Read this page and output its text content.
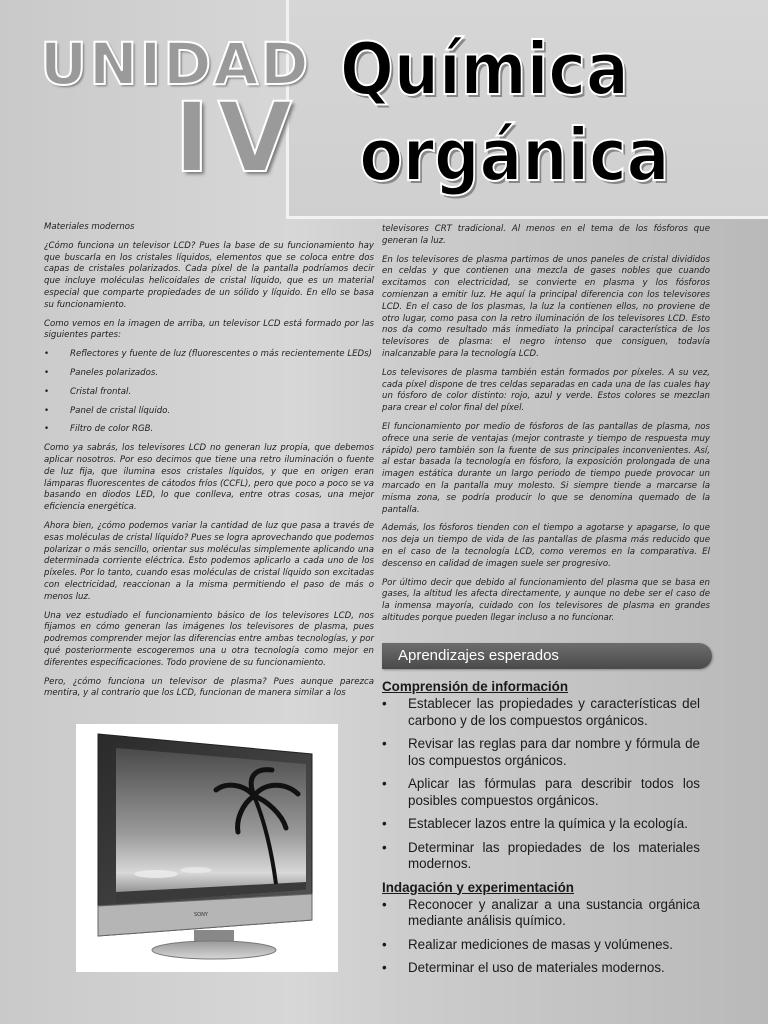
UNIDAD
IV
Química
orgánica

Materiales modernos

¿Cómo funciona un televisor LCD? Pues la base de su funcionamiento hay que buscarla en los cristales líquidos, elementos que se coloca entre dos capas de cristales polarizados. Cada píxel de la pantalla podríamos decir que incluye moléculas helicoidales de cristal líquido, que es un material especial que comparte propiedades de un sólido y líquido. En ello se basa su funcionamiento.

Como vemos en la imagen de arriba, un televisor LCD está formado por las siguientes partes:

•	Reflectores y fuente de luz (fluorescentes o más recientemente LEDs)
•	Paneles polarizados.
•	Cristal frontal.
•	Panel de cristal líquido.
•	Filtro de color RGB.

Como ya sabrás, los televisores LCD no generan luz propia, que debemos aplicar nosotros. Por eso decimos que tiene una retro iluminación o fuente de luz fija, que ilumina esos cristales líquidos, y que en origen eran lámparas fluorescentes de cátodos fríos (CCFL), pero que poco a poco se va basando en diodos LED, lo que conlleva, entre otras cosas, una mejor eficiencia energética.

Ahora bien, ¿cómo podemos variar la cantidad de luz que pasa a través de esas moléculas de cristal líquido? Pues se logra aprovechando que podemos polarizar o más sencillo, orientar sus moléculas simplemente aplicando una determinada corriente eléctrica. Esto podemos aplicarlo a cada uno de los píxeles. Por lo tanto, cuando esas moléculas de cristal líquido son excitadas con electricidad, reaccionan a la misma permitiendo el paso de más o menos luz.

Una vez estudiado el funcionamiento básico de los televisores LCD, nos fijamos en cómo generan las imágenes los televisores de plasma, pues podremos comprender mejor las diferencias entre ambas tecnologías, y por qué posteriormente escogeremos una u otra tecnología como mejor en diferentes especificaciones. Todo proviene de su funcionamiento.

Pero, ¿cómo funciona un televisor de plasma? Pues aunque parezca mentira, y al contrario que los LCD, funcionan de manera similar a los

televisores CRT tradicional. Al menos en el tema de los fósforos que generan la luz.

En los televisores de plasma partimos de unos paneles de cristal divididos en celdas y que contienen una mezcla de gases nobles que cuando excitamos con electricidad, se convierte en plasma y los fósforos comienzan a emitir luz. He aquí la principal diferencia con los televisores LCD. En el caso de los plasmas, la luz la contienen ellos, no proviene de otro lugar, como pasa con la retro iluminación de los televisores LCD. Esto nos da como resultado más inmediato la principal característica de los televisores de plasma: el negro intenso que consiguen, todavía inalcanzable para la tecnología LCD.

Los televisores de plasma también están formados por píxeles. A su vez, cada píxel dispone de tres celdas separadas en cada una de las cuales hay un fósforo de color distinto: rojo, azul y verde. Estos colores se mezclan para crear el color final del píxel.

El funcionamiento por medio de fósforos de las pantallas de plasma, nos ofrece una serie de ventajas (mejor contraste y tiempo de respuesta muy rápido) pero también son la fuente de sus principales inconvenientes. Así, al estar basada la tecnología en fósforo, la exposición prolongada de una imagen estática durante un largo periodo de tiempo puede provocar un marcado en la pantalla muy molesto. Si siempre tiende a marcarse la misma zona, se podría producir lo que se denomina quemado de la pantalla.

Además, los fósforos tienden con el tiempo a agotarse y apagarse, lo que nos deja un tiempo de vida de las pantallas de plasma más reducido que en el caso de la tecnología LCD, como veremos en la comparativa. El descenso en calidad de imagen suele ser progresivo.

Por último decir que debido al funcionamiento del plasma que se basa en gases, la altitud les afecta directamente, y aunque no debe ser el caso de la inmensa mayoría, cuidado con los televisores de plasma en grandes altitudes porque pueden llegar incluso a no funcionar.

SONY
Aprendizajes esperados
Comprensión de información
•	Establecer las propiedades y características del carbono y de los compuestos orgánicos.
•	Revisar las reglas para dar nombre y fórmula de los compuestos orgánicos.
•	Aplicar las fórmulas para describir todos los posibles compuestos orgánicos.
•	Establecer lazos entre la química y la ecología.
•	Determinar las propiedades de los materiales modernos.
Indagación y experimentación
•	Reconocer y analizar a una sustancia orgánica mediante análisis químico.
•	Realizar mediciones de masas y volúmenes.
•	Determinar el uso de materiales modernos.
